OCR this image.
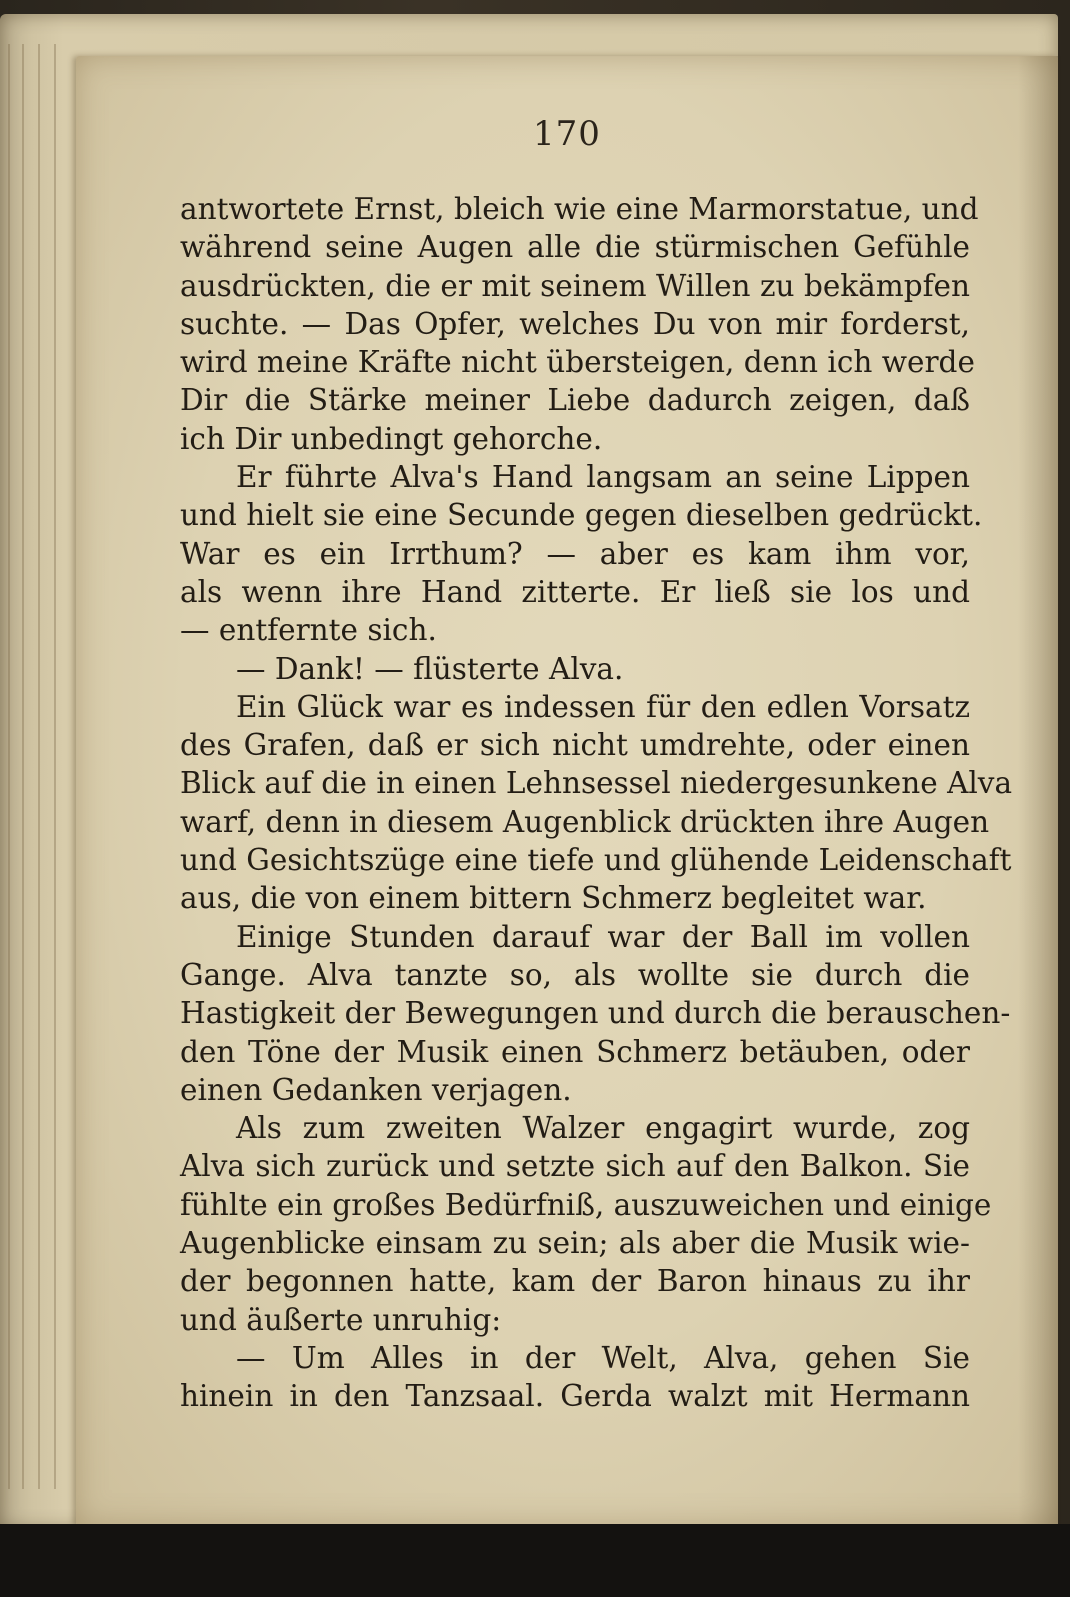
170
antwortete Ernst, bleich wie eine Marmorstatue, und
während seine Augen alle die stürmischen Gefühle
ausdrückten, die er mit seinem Willen zu bekämpfen
suchte. — Das Opfer, welches Du von mir forderst,
wird meine Kräfte nicht übersteigen, denn ich werde
Dir die Stärke meiner Liebe dadurch zeigen, daß
ich Dir unbedingt gehorche.
Er führte Alva's Hand langsam an seine Lippen
und hielt sie eine Secunde gegen dieselben gedrückt.
War es ein Irrthum? — aber es kam ihm vor,
als wenn ihre Hand zitterte. Er ließ sie los und
— entfernte sich.
— Dank! — flüsterte Alva.
Ein Glück war es indessen für den edlen Vorsatz
des Grafen, daß er sich nicht umdrehte, oder einen
Blick auf die in einen Lehnsessel niedergesunkene Alva
warf, denn in diesem Augenblick drückten ihre Augen
und Gesichtszüge eine tiefe und glühende Leidenschaft
aus, die von einem bittern Schmerz begleitet war.
Einige Stunden darauf war der Ball im vollen
Gange. Alva tanzte so, als wollte sie durch die
Hastigkeit der Bewegungen und durch die berauschen-
den Töne der Musik einen Schmerz betäuben, oder
einen Gedanken verjagen.
Als zum zweiten Walzer engagirt wurde, zog
Alva sich zurück und setzte sich auf den Balkon. Sie
fühlte ein großes Bedürfniß, auszuweichen und einige
Augenblicke einsam zu sein; als aber die Musik wie-
der begonnen hatte, kam der Baron hinaus zu ihr
und äußerte unruhig:
— Um Alles in der Welt, Alva, gehen Sie
hinein in den Tanzsaal. Gerda walzt mit Hermann
